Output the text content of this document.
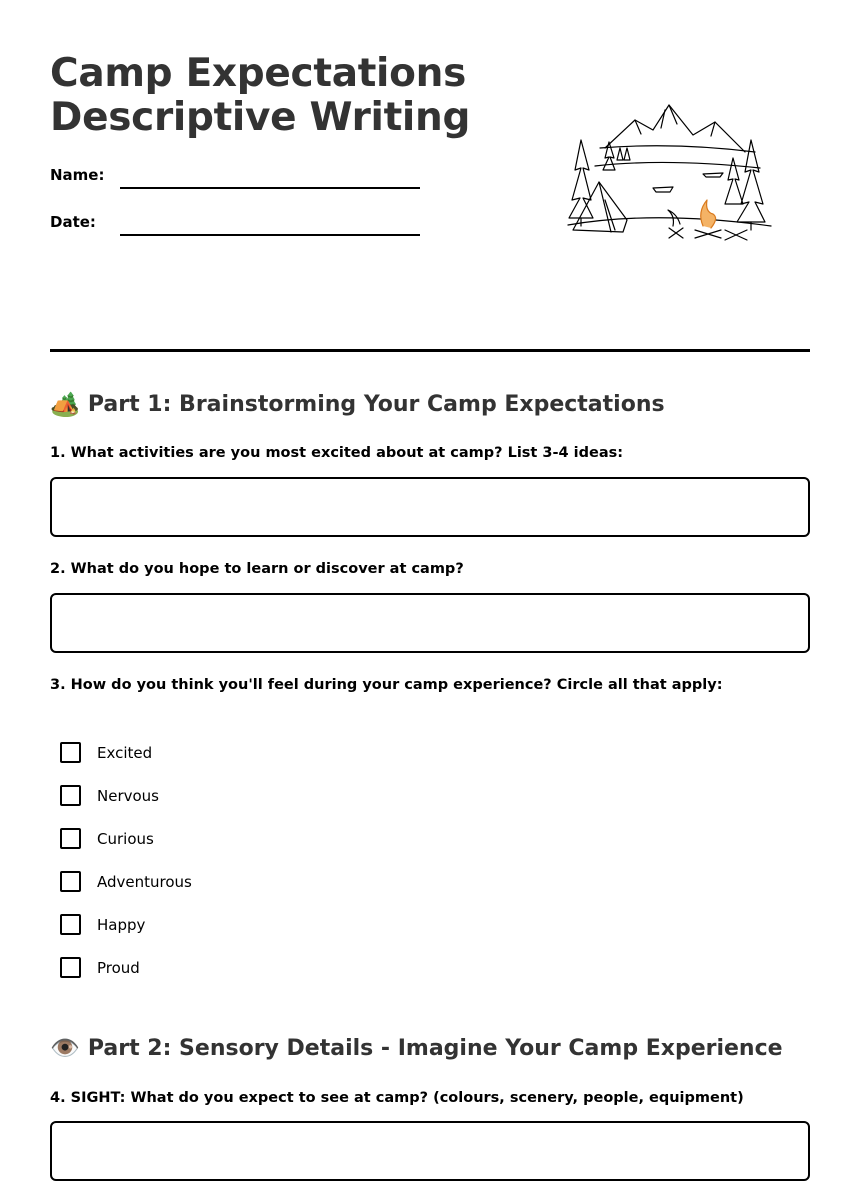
Camp Expectations
Descriptive Writing
Name:
Date:
🏕️ Part 1: Brainstorming Your Camp Expectations
1. What activities are you most excited about at camp? List 3-4 ideas:
2. What do you hope to learn or discover at camp?
3. How do you think you'll feel during your camp experience? Circle all that apply:
Excited
Nervous
Curious
Adventurous
Happy
Proud
👁️ Part 2: Sensory Details - Imagine Your Camp Experience
4. SIGHT: What do you expect to see at camp? (colours, scenery, people, equipment)
